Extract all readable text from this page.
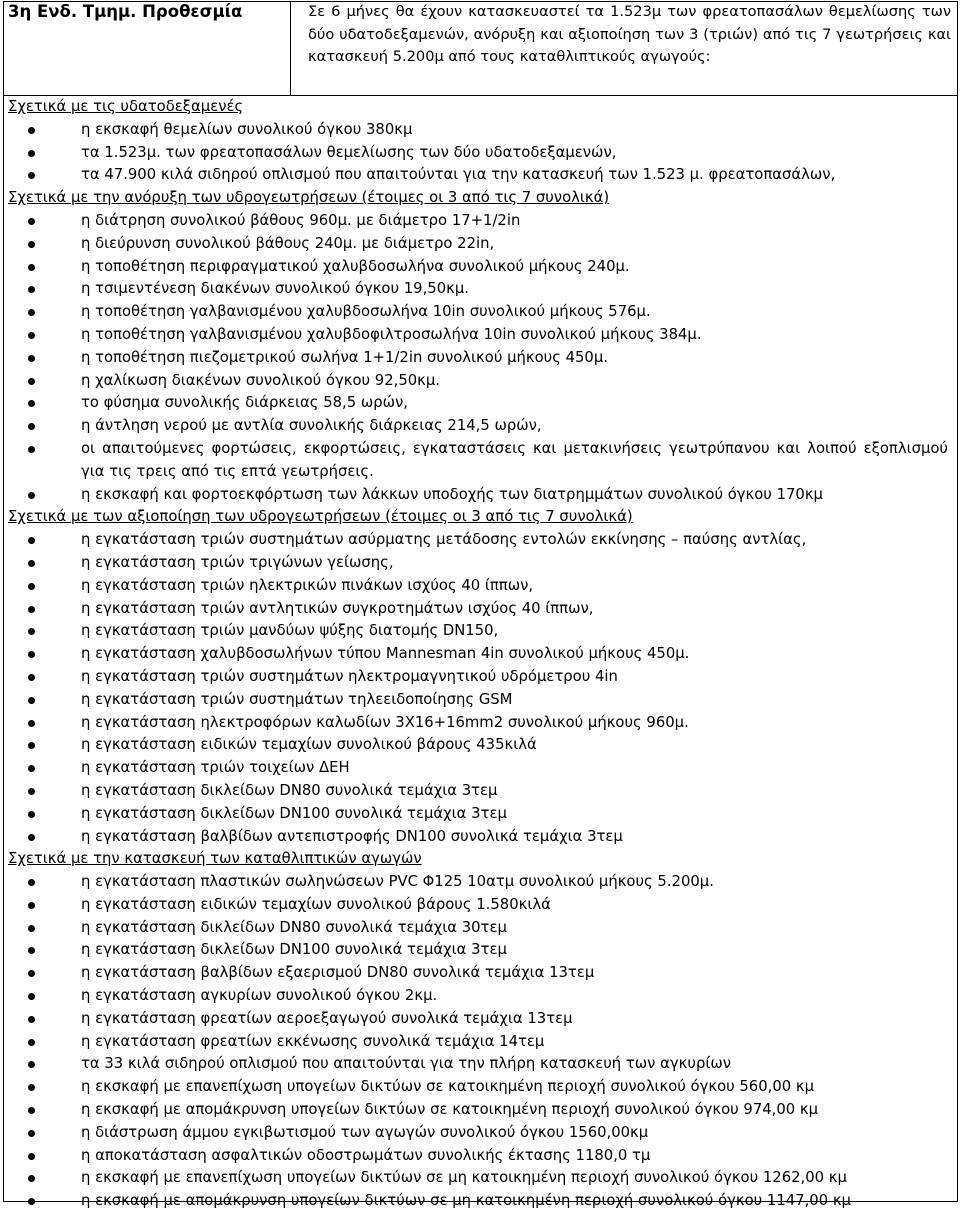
3η Ενδ. Τμημ. Προθεσμία	Σε 6 μήνες θα έχουν κατασκευαστεί τα 1.523μ των φρεατοπασάλων θεμελίωσης των δύο υδατοδεξαμενών, ανόρυξη και αξιοποίηση των 3 (τριών) από τις 7 γεωτρήσεις και κατασκευή 5.200μ από τους καταθλιπτικούς αγωγούς:
Σχετικά με τις υδατοδεξαμενές
η εκσκαφή θεμελίων συνολικού όγκου 380κμ
τα 1.523μ. των φρεατοπασάλων θεμελίωσης των δύο υδατοδεξαμενών,
τα 47.900 κιλά σιδηρού οπλισμού που απαιτούνται για την κατασκευή των 1.523 μ. φρεατοπασάλων,
Σχετικά με την ανόρυξη των υδρογεωτρήσεων (έτοιμες οι 3 από τις 7 συνολικά)
η διάτρηση συνολικού βάθους 960μ. με διάμετρο 17+1/2in
η διεύρυνση συνολικού βάθους 240μ. με διάμετρο 22in,
η τοποθέτηση περιφραγματικού χαλυβδοσωλήνα συνολικού μήκους 240μ.
η τσιμεντένεση διακένων συνολικού όγκου 19,50κμ.
η τοποθέτηση γαλβανισμένου χαλυβδοσωλήνα 10in συνολικού μήκους 576μ.
η τοποθέτηση γαλβανισμένου χαλυβδοφιλτροσωλήνα 10in συνολικού μήκους 384μ.
η τοποθέτηση πιεζομετρικού σωλήνα 1+1/2in συνολικού μήκους 450μ.
η χαλίκωση διακένων συνολικού όγκου 92,50κμ.
το φύσημα συνολικής διάρκειας 58,5 ωρών,
η άντληση νερού με αντλία συνολικής διάρκειας 214,5 ωρών,
οι απαιτούμενες φορτώσεις, εκφορτώσεις, εγκαταστάσεις και μετακινήσεις γεωτρύπανου και λοιπού εξοπλισμού για τις τρεις από τις επτά γεωτρήσεις.
η εκσκαφή και φορτοεκφόρτωση των λάκκων υποδοχής των διατρημμάτων συνολικού όγκου 170κμ
Σχετικά με των αξιοποίηση των υδρογεωτρήσεων (έτοιμες οι 3 από τις 7 συνολικά)
η εγκατάσταση τριών συστημάτων ασύρματης μετάδοσης εντολών εκκίνησης – παύσης αντλίας,
η εγκατάσταση τριών τριγώνων γείωσης,
η εγκατάσταση τριών ηλεκτρικών πινάκων ισχύος 40 ίππων,
η εγκατάσταση τριών αντλητικών συγκροτημάτων ισχύος 40 ίππων,
η εγκατάσταση τριών μανδύων ψύξης διατομής DN150,
η εγκατάσταση χαλυβδοσωλήνων τύπου Mannesman 4in συνολικού μήκους 450μ.
η εγκατάσταση τριών συστημάτων ηλεκτρομαγνητικού υδρόμετρου 4in
η εγκατάσταση τριών συστημάτων τηλεειδοποίησης GSM
η εγκατάσταση ηλεκτροφόρων καλωδίων 3Χ16+16mm2 συνολικού μήκους 960μ.
η εγκατάσταση ειδικών τεμαχίων συνολικού βάρους 435κιλά
η εγκατάσταση τριών τοιχείων ΔΕΗ
η εγκατάσταση δικλείδων DN80 συνολικά τεμάχια 3τεμ
η εγκατάσταση δικλείδων DN100 συνολικά τεμάχια 3τεμ
η εγκατάσταση βαλβίδων αντεπιστροφής DN100 συνολικά τεμάχια 3τεμ
Σχετικά με την κατασκευή των καταθλιπτικών αγωγών
η εγκατάσταση πλαστικών σωληνώσεων PVC Φ125 10ατμ συνολικού μήκους 5.200μ.
η εγκατάσταση ειδικών τεμαχίων συνολικού βάρους 1.580κιλά
η εγκατάσταση δικλείδων DN80 συνολικά τεμάχια 30τεμ
η εγκατάσταση δικλείδων DN100 συνολικά τεμάχια 3τεμ
η εγκατάσταση βαλβίδων εξαερισμού DN80 συνολικά τεμάχια 13τεμ
η εγκατάσταση αγκυρίων συνολικού όγκου 2κμ.
η εγκατάσταση φρεατίων αεροεξαγωγού συνολικά τεμάχια 13τεμ
η εγκατάσταση φρεατίων εκκένωσης συνολικά τεμάχια 14τεμ
τα 33 κιλά σιδηρού οπλισμού που απαιτούνται για την πλήρη κατασκευή των αγκυρίων
η εκσκαφή με επανεπίχωση υπογείων δικτύων σε κατοικημένη περιοχή συνολικού όγκου 560,00 κμ
η εκσκαφή με απομάκρυνση υπογείων δικτύων σε κατοικημένη περιοχή συνολικού όγκου 974,00 κμ
η διάστρωση άμμου εγκιβωτισμού των αγωγών συνολικού όγκου 1560,00κμ
η αποκατάσταση ασφαλτικών οδοστρωμάτων συνολικής έκτασης 1180,0 τμ
η εκσκαφή με επανεπίχωση υπογείων δικτύων σε μη κατοικημένη περιοχή συνολικού όγκου 1262,00 κμ
η εκσκαφή με απομάκρυνση υπογείων δικτύων σε μη κατοικημένη περιοχή συνολικού όγκου 1147,00 κμ
